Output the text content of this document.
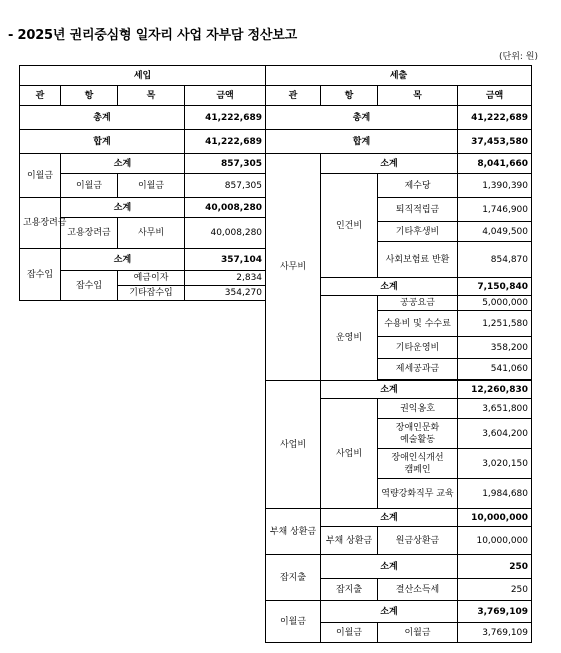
- 2025년 권리중심형 일자리 사업 자부담 정산보고
(단위: 원)
세입			
관	항	목	금액
총계			41,222,689
합계			41,222,689
이월금	소계		857,305
	이월금	이월금	857,305
고용장려금	소계		40,008,280
	고용장려금	사무비	40,008,280
잡수입	소계		357,104
	잡수입	예금이자	2,834
		기타잡수입	354,270
세출			
관	항	목	금액
총계			41,222,689
합계			37,453,580
사무비	소계		8,041,660
	인건비	제수당	1,390,390
		퇴직적립금	1,746,900
		기타후생비	4,049,500
		사회보험료 반환	854,870
	소계		7,150,840
	운영비	공공요금	5,000,000
		수용비 및 수수료	1,251,580
		기타운영비	358,200
		제세공과금	541,060

사업비	소계		12,260,830
	사업비	권익옹호	3,651,800
		장애인문화 예술활동	3,604,200
		장애인식개선 캠페인	3,020,150
		역량강화직무 교육	1,984,680
부채 상환금	소계		10,000,000
	부채 상환금	원금상환금	10,000,000
잡지출	소계		250
	잡지출	결산소득세	250
이월금	소계		3,769,109
	이월금	이월금	3,769,109
